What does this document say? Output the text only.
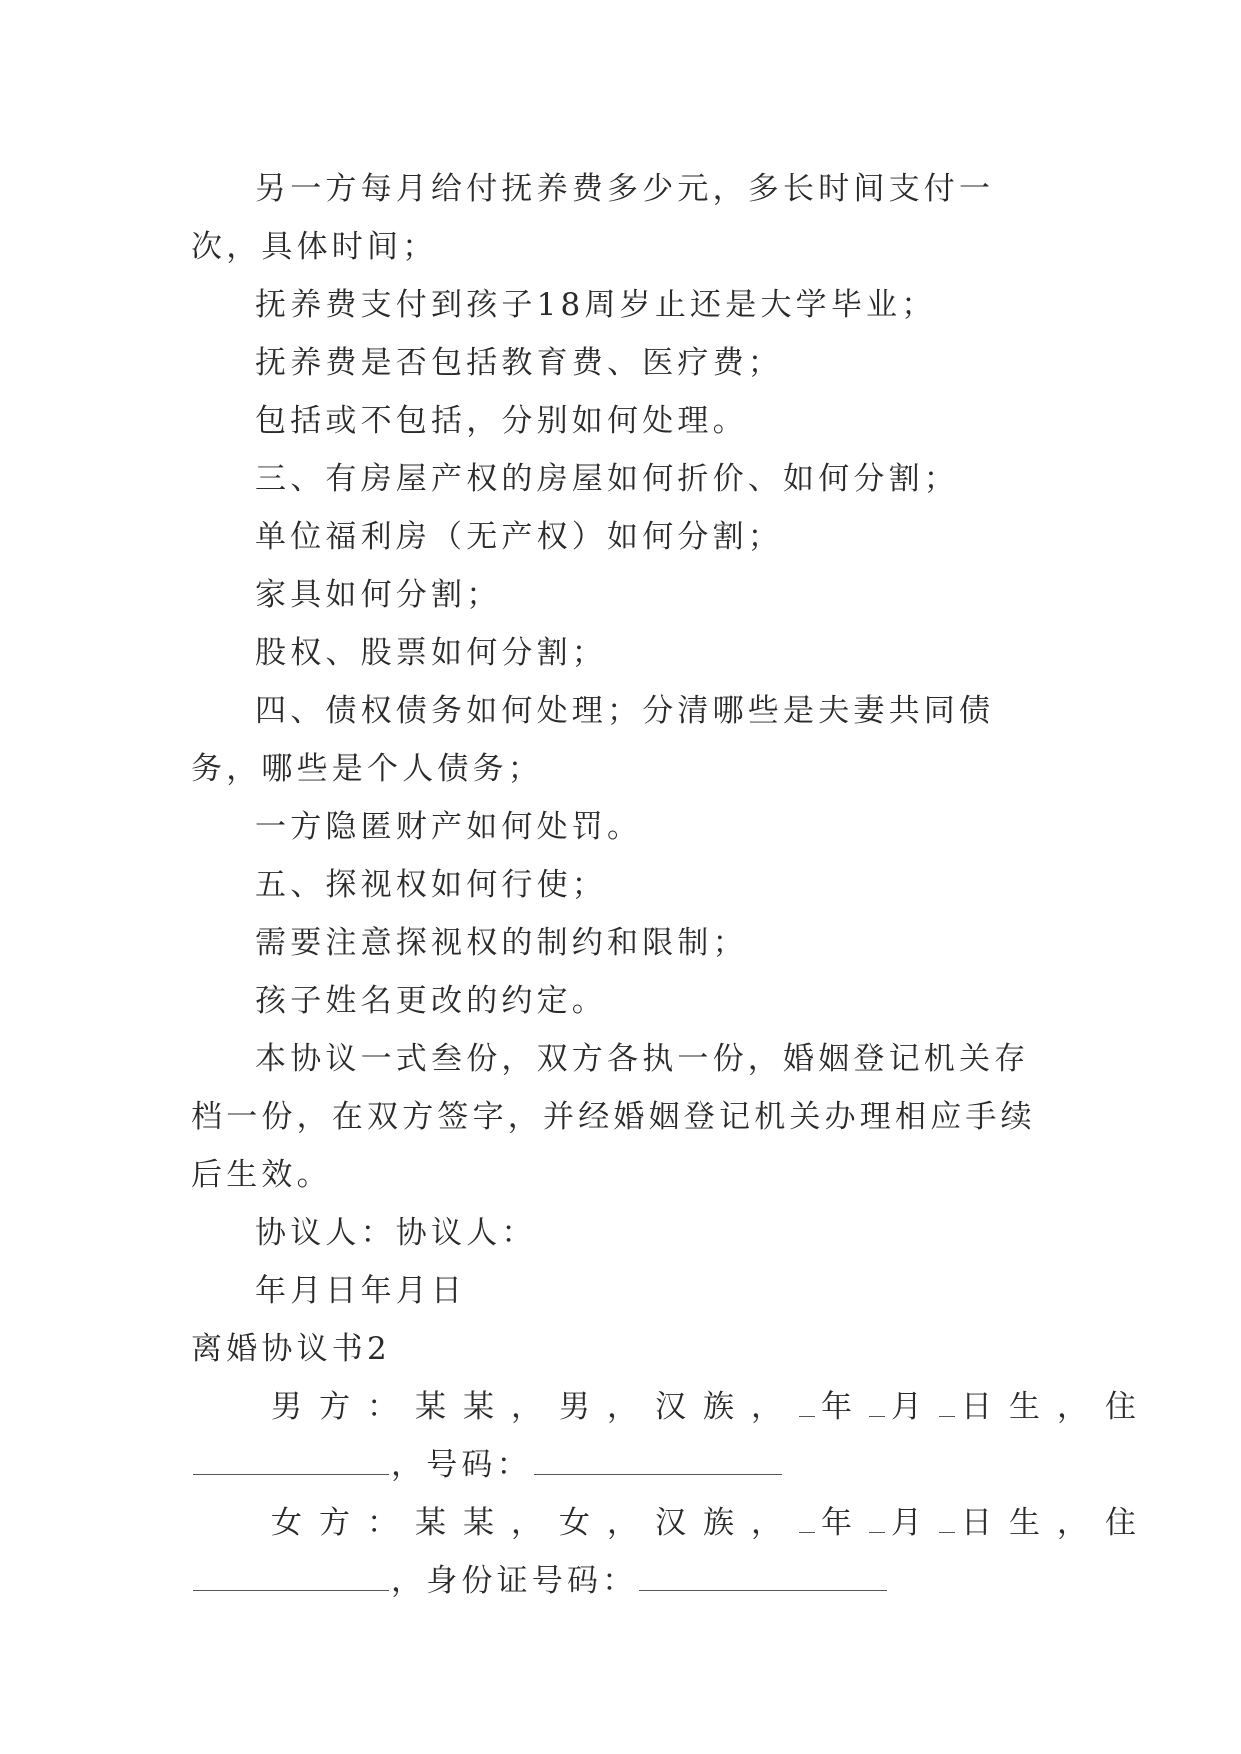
另一方每月给付抚养费多少元，多长时间支付一次，具体时间；

抚养费支付到孩子18周岁止还是大学毕业；

抚养费是否包括教育费、医疗费；

包括或不包括，分别如何处理。

三、有房屋产权的房屋如何折价、如何分割；

单位福利房（无产权）如何分割；

家具如何分割；

股权、股票如何分割；

四、债权债务如何处理；分清哪些是夫妻共同债务，哪些是个人债务；

一方隐匿财产如何处罚。

五、探视权如何行使；

需要注意探视权的制约和限制；

孩子姓名更改的约定。

本协议一式叁份，双方各执一份，婚姻登记机关存档一份，在双方签字，并经婚姻登记机关办理相应手续后生效。

协议人：协议人：

年月日年月日

离婚协议书2

男方：某某，男，汉族， 年 月 日生，住

，号码：

女方：某某，女，汉族， 年 月 日生，住

，身份证号码：
